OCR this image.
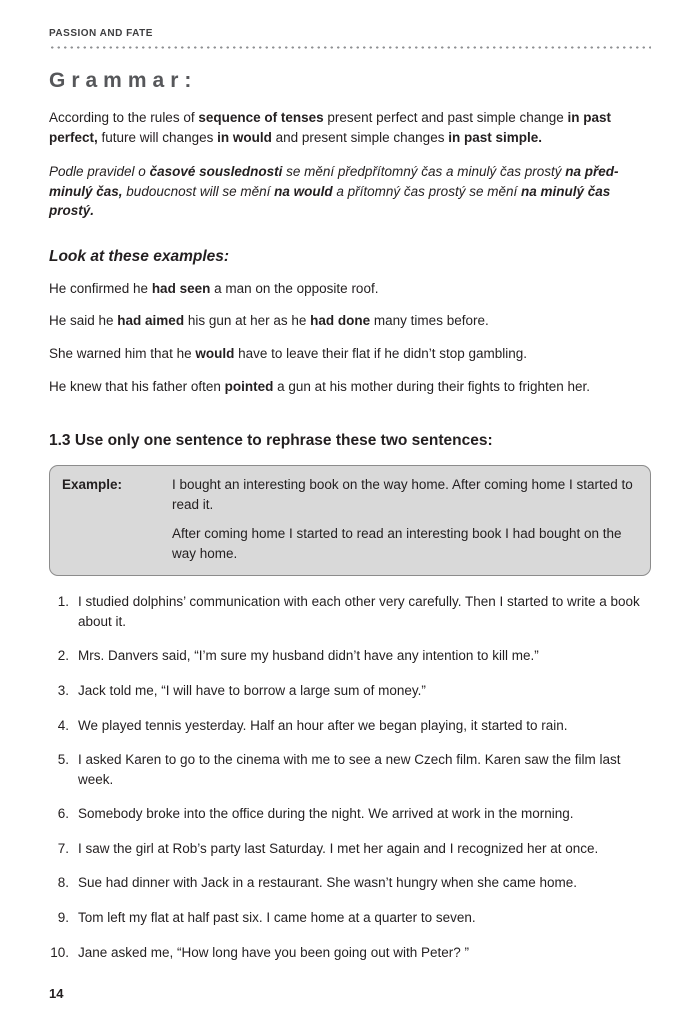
PASSION AND FATE
Grammar:

According to the rules of sequence of tenses present perfect and past simple change in past perfect, future will changes in would and present simple changes in past simple.

Podle pravidel o časové souslednosti se mění předpřítomný čas a minulý čas prostý na před-minulý čas, budoucnost will se mění na would a přítomný čas prostý se mění na minulý čas prostý.

Look at these examples:

He confirmed he had seen a man on the opposite roof.

He said he had aimed his gun at her as he had done many times before.

She warned him that he would have to leave their flat if he didn’t stop gambling.

He knew that his father often pointed a gun at his mother during their fights to frighten her.

1.3 Use only one sentence to rephrase these two sentences:
Example:	I bought an interesting book on the way home. After coming home I started to read it.

After coming home I started to read an interesting book I had bought on the way home.

1. I studied dolphins’ communication with each other very carefully. Then I started to write a book about it.
2. Mrs. Danvers said, “I’m sure my husband didn’t have any intention to kill me.”
3. Jack told me, “I will have to borrow a large sum of money.”
4. We played tennis yesterday. Half an hour after we began playing, it started to rain.
5. I asked Karen to go to the cinema with me to see a new Czech film. Karen saw the film last week.
6. Somebody broke into the office during the night. We arrived at work in the morning.
7. I saw the girl at Rob’s party last Saturday. I met her again and I recognized her at once.
8. Sue had dinner with Jack in a restaurant. She wasn’t hungry when she came home.
9. Tom left my flat at half past six. I came home at a quarter to seven.
10. Jane asked me, “How long have you been going out with Peter? ”
14
